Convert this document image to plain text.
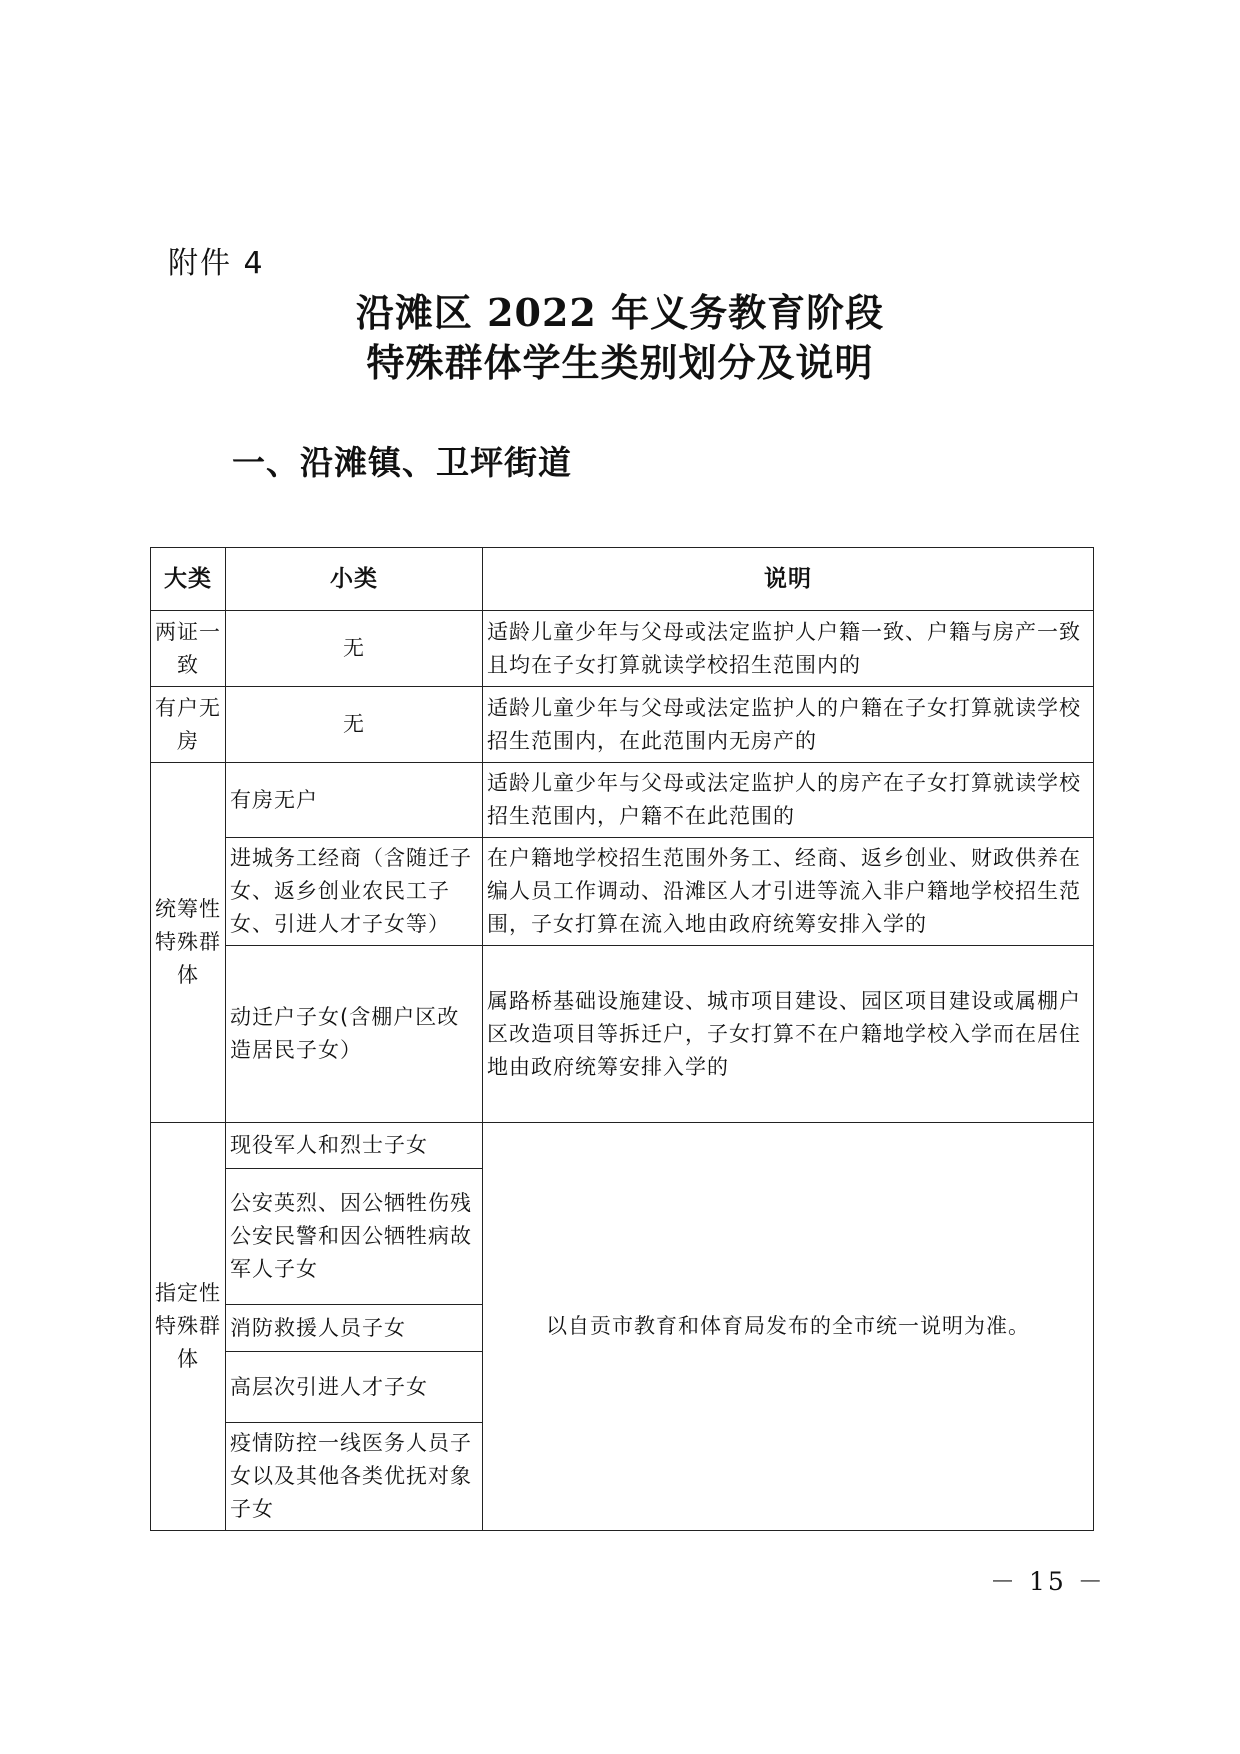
附件 4
沿滩区 2022 年义务教育阶段
特殊群体学生类别划分及说明
一、沿滩镇、卫坪街道
大类	小类	说明
两证一致	无	适龄儿童少年与父母或法定监护人户籍一致、户籍与房产一致且均在子女打算就读学校招生范围内的
有户无房	无	适龄儿童少年与父母或法定监护人的户籍在子女打算就读学校招生范围内，在此范围内无房产的
统筹性特殊群体	有房无户	适龄儿童少年与父母或法定监护人的房产在子女打算就读学校招生范围内，户籍不在此范围的
	进城务工经商（含随迁子女、返乡创业农民工子女、引进人才子女等）	在户籍地学校招生范围外务工、经商、返乡创业、财政供养在编人员工作调动、沿滩区人才引进等流入非户籍地学校招生范围，子女打算在流入地由政府统筹安排入学的
	动迁户子女(含棚户区改造居民子女）	属路桥基础设施建设、城市项目建设、园区项目建设或属棚户区改造项目等拆迁户，子女打算不在户籍地学校入学而在居住地由政府统筹安排入学的
指定性特殊群体	现役军人和烈士子女	以自贡市教育和体育局发布的全市统一说明为准。
	公安英烈、因公牺牲伤残公安民警和因公牺牲病故军人子女	
	消防救援人员子女	
	高层次引进人才子女	
	疫情防控一线医务人员子女以及其他各类优抚对象子女	
－ 15 －
